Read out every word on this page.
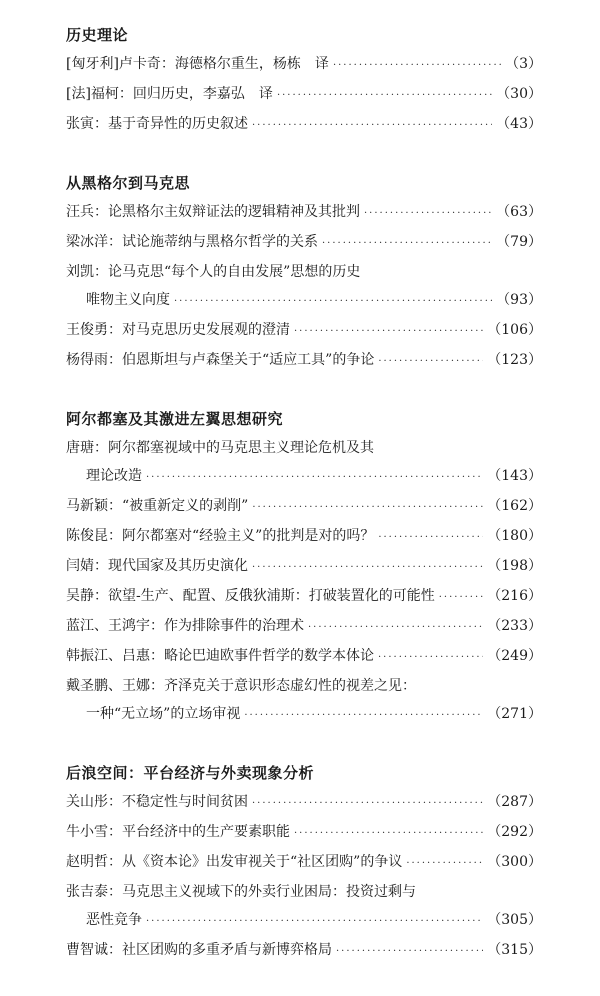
历史理论
[匈牙利]卢卡奇：海德格尔重生，杨栋　译 ·····	（3）
[法]福柯：回归历史，李嘉弘　译 ·····	（30）
张寅：基于奇异性的历史叙述 ·····	（43）
从黑格尔到马克思
汪兵：论黑格尔主奴辩证法的逻辑精神及其批判 ·····	（63）
梁冰洋：试论施蒂纳与黑格尔哲学的关系 ·····	（79）
刘凯：论马克思“每个人的自由发展”思想的历史
唯物主义向度 ·····	（93）
王俊勇：对马克思历史发展观的澄清 ·····	（106）
杨得雨：伯恩斯坦与卢森堡关于“适应工具”的争论 ·····	（123）
阿尔都塞及其激进左翼思想研究
唐瑭：阿尔都塞视域中的马克思主义理论危机及其
理论改造 ·····	（143）
马新颖：“被重新定义的剥削” ·····	（162）
陈俊昆：阿尔都塞对“经验主义”的批判是对的吗？ ·····	（180）
闫婧：现代国家及其历史演化 ·····	（198）
吴静：欲望-生产、配置、反俄狄浦斯：打破装置化的可能性 ·····	（216）
蓝江、王鸿宇：作为排除事件的治理术 ·····	（233）
韩振江、吕惠：略论巴迪欧事件哲学的数学本体论 ·····	（249）
戴圣鹏、王娜：齐泽克关于意识形态虚幻性的视差之见：
一种“无立场”的立场审视 ·····	（271）
后浪空间：平台经济与外卖现象分析
关山彤：不稳定性与时间贫困 ·····	（287）
牛小雪：平台经济中的生产要素职能 ·····	（292）
赵明哲：从《资本论》出发审视关于“社区团购”的争议 ·····	（300）
张吉泰：马克思主义视域下的外卖行业困局：投资过剩与
恶性竞争 ·····	（305）
曹智诚：社区团购的多重矛盾与新博弈格局 ·····	（315）
